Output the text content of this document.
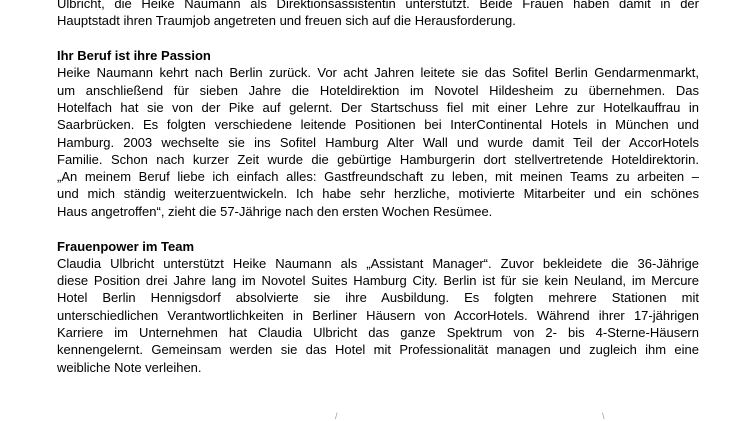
Ulbricht, die Heike Naumann als Direktionsassistentin unterstützt. Beide Frauen haben damit in der
Hauptstadt ihren Traumjob angetreten und freuen sich auf die Herausforderung.

Ihr Beruf ist ihre Passion

Heike Naumann kehrt nach Berlin zurück. Vor acht Jahren leitete sie das Sofitel Berlin Gendarmenmarkt,
um anschließend für sieben Jahre die Hoteldirektion im Novotel Hildesheim zu übernehmen. Das
Hotelfach hat sie von der Pike auf gelernt. Der Startschuss fiel mit einer Lehre zur Hotelkauffrau in
Saarbrücken. Es folgten verschiedene leitende Positionen bei InterContinental Hotels in München und
Hamburg. 2003 wechselte sie ins Sofitel Hamburg Alter Wall und wurde damit Teil der AccorHotels
Familie. Schon nach kurzer Zeit wurde die gebürtige Hamburgerin dort stellvertretende Hoteldirektorin.
„An meinem Beruf liebe ich einfach alles: Gastfreundschaft zu leben, mit meinen Teams zu arbeiten –
und mich ständig weiterzuentwickeln. Ich habe sehr herzliche, motivierte Mitarbeiter und ein schönes
Haus angetroffen“, zieht die 57-Jährige nach den ersten Wochen Resümee.

Frauenpower im Team

Claudia Ulbricht unterstützt Heike Naumann als „Assistant Manager“. Zuvor bekleidete die 36-Jährige
diese Position drei Jahre lang im Novotel Suites Hamburg City. Berlin ist für sie kein Neuland, im Mercure
Hotel Berlin Hennigsdorf absolvierte sie ihre Ausbildung. Es folgten mehrere Stationen mit
unterschiedlichen Verantwortlichkeiten in Berliner Häusern von AccorHotels. Während ihrer 17-jährigen
Karriere im Unternehmen hat Claudia Ulbricht das ganze Spektrum von 2- bis 4-Sterne-Häusern
kennengelernt. Gemeinsam werden sie das Hotel mit Professionalität managen und zugleich ihm eine
weibliche Note verleihen.
/	\
